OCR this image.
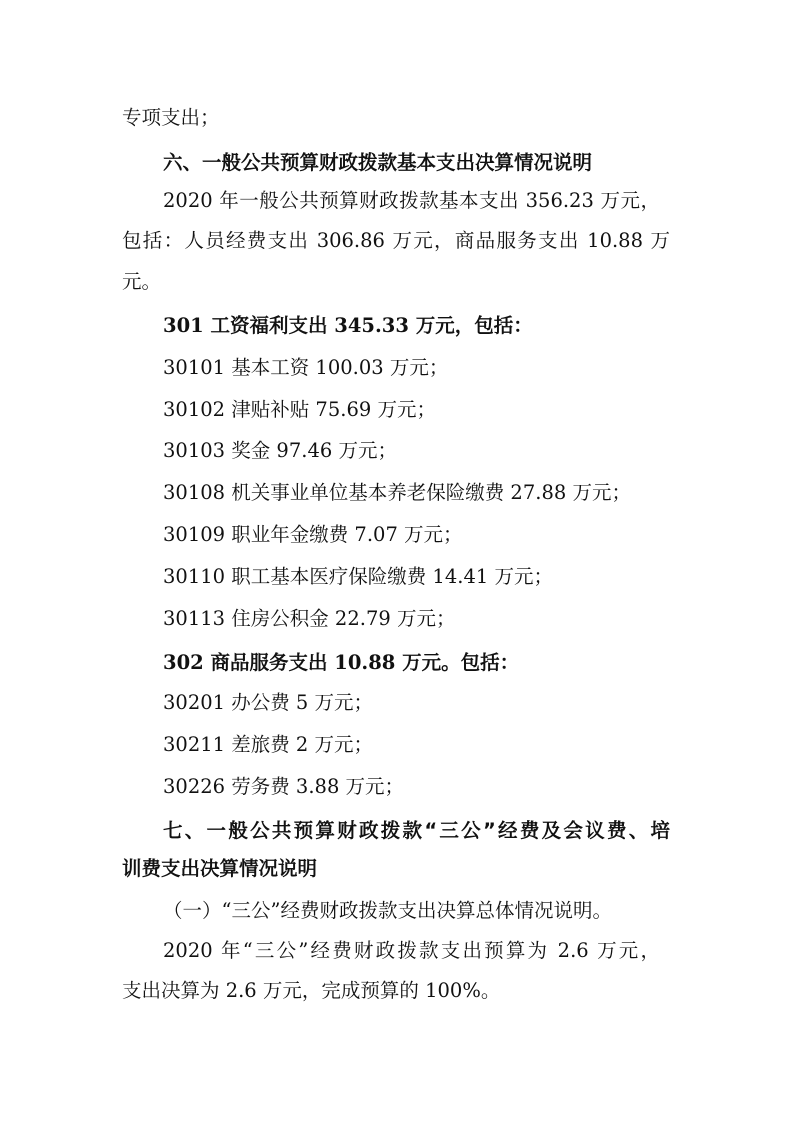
专项支出；
六、一般公共预算财政拨款基本支出决算情况说明
2020 年一般公共预算财政拨款基本支出 356.23 万元，
包括：人员经费支出 306.86 万元，商品服务支出 10.88 万
元。
301 工资福利支出 345.33 万元，包括：
30101 基本工资 100.03 万元；
30102 津贴补贴 75.69 万元；
30103 奖金 97.46 万元；
30108 机关事业单位基本养老保险缴费 27.88 万元；
30109 职业年金缴费 7.07 万元；
30110 职工基本医疗保险缴费 14.41 万元；
30113 住房公积金 22.79 万元；
302 商品服务支出 10.88 万元。包括：
30201 办公费 5 万元；
30211 差旅费 2 万元；
30226 劳务费 3.88 万元；
七、一般公共预算财政拨款“三公”经费及会议费、培
训费支出决算情况说明
（一）“三公”经费财政拨款支出决算总体情况说明。
2020 年“三公”经费财政拨款支出预算为 2.6 万元，
支出决算为 2.6 万元，完成预算的 100%。
